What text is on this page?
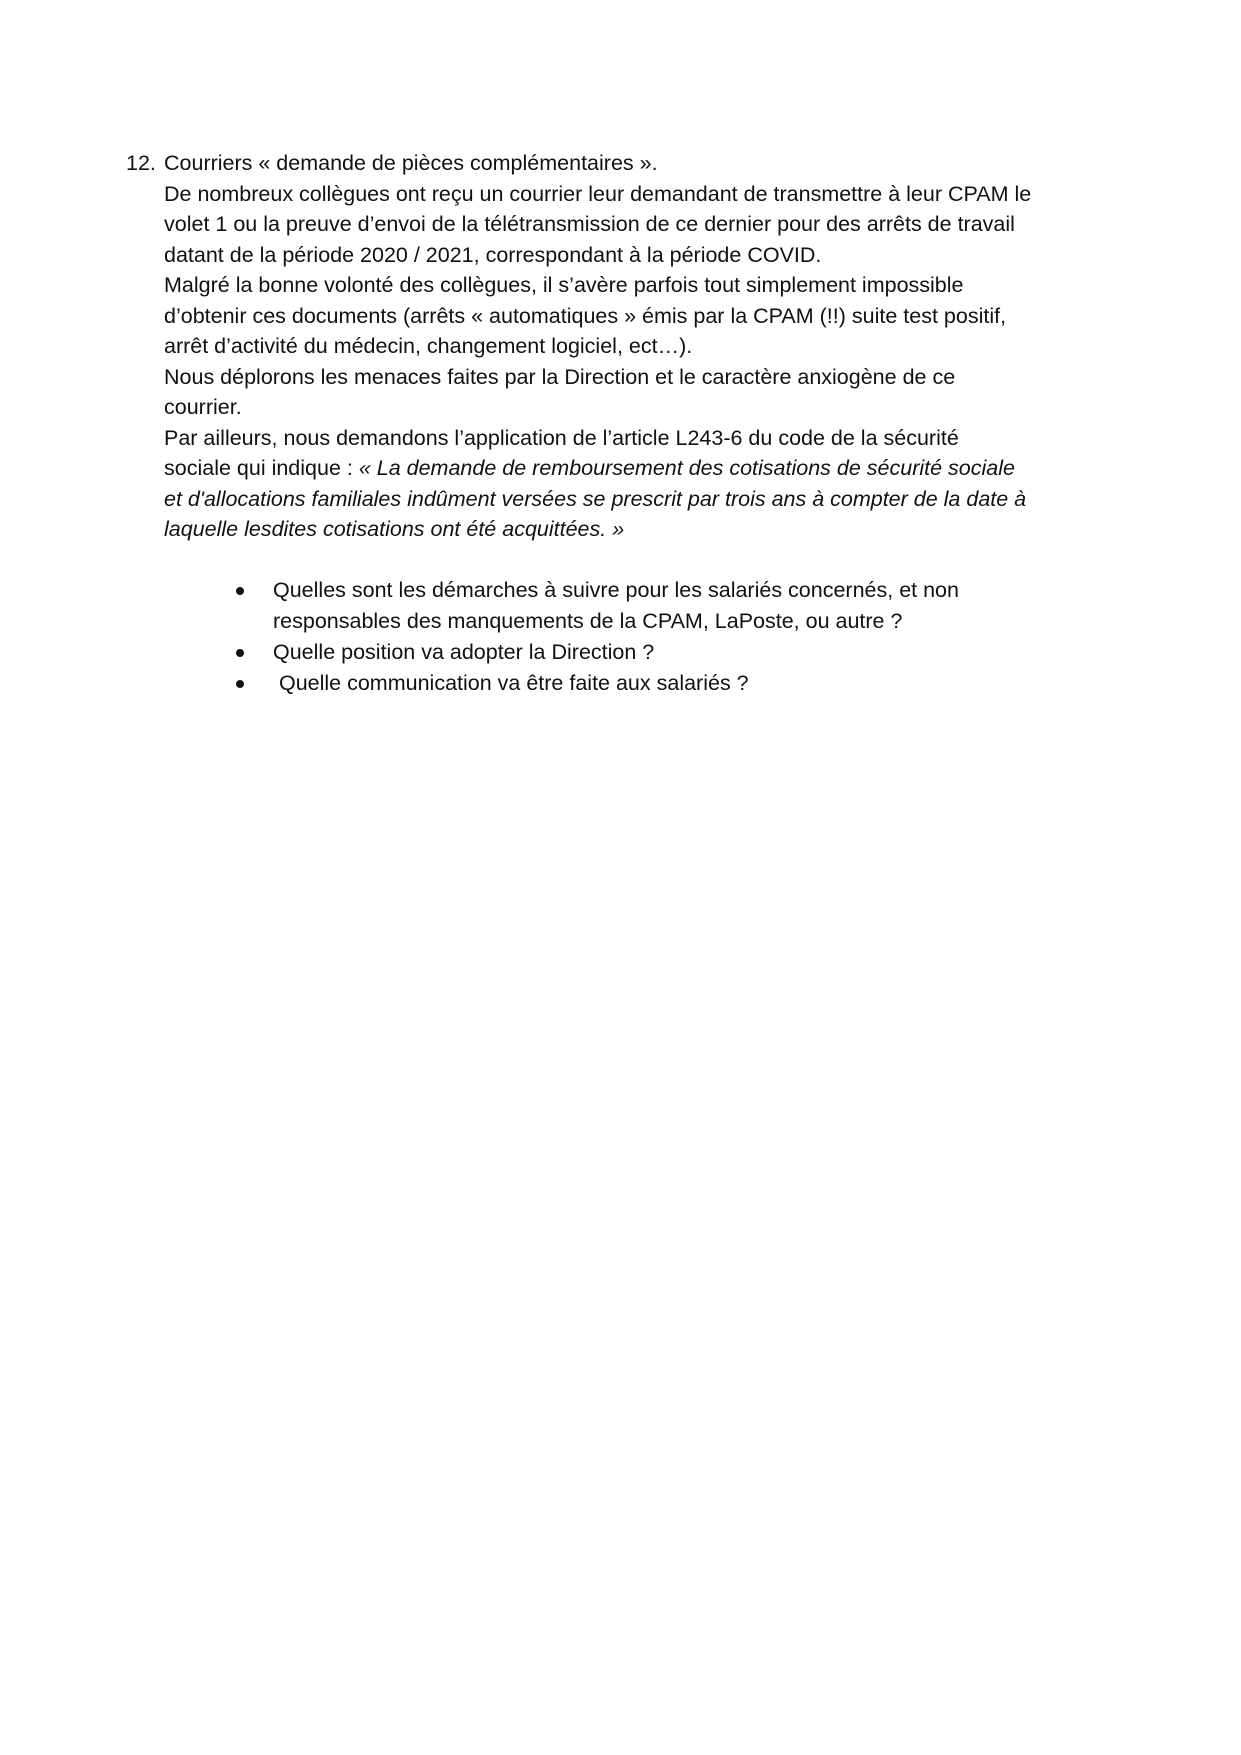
12. Courriers « demande de pièces complémentaires ».
De nombreux collègues ont reçu un courrier leur demandant de transmettre à leur CPAM le
volet 1 ou la preuve d’envoi de la télétransmission de ce dernier pour des arrêts de travail
datant de la période 2020 / 2021, correspondant à la période COVID.
Malgré la bonne volonté des collègues, il s’avère parfois tout simplement impossible
d’obtenir ces documents (arrêts « automatiques » émis par la CPAM (!!) suite test positif,
arrêt d’activité du médecin, changement logiciel, ect…).
Nous déplorons les menaces faites par la Direction et le caractère anxiogène de ce
courrier.
Par ailleurs, nous demandons l’application de l’article L243-6 du code de la sécurité
sociale qui indique : « La demande de remboursement des cotisations de sécurité sociale
et d'allocations familiales indûment versées se prescrit par trois ans à compter de la date à
laquelle lesdites cotisations ont été acquittées. »
Quelles sont les démarches à suivre pour les salariés concernés, et non
responsables des manquements de la CPAM, LaPoste, ou autre ?
Quelle position va adopter la Direction ?
Quelle communication va être faite aux salariés ?
